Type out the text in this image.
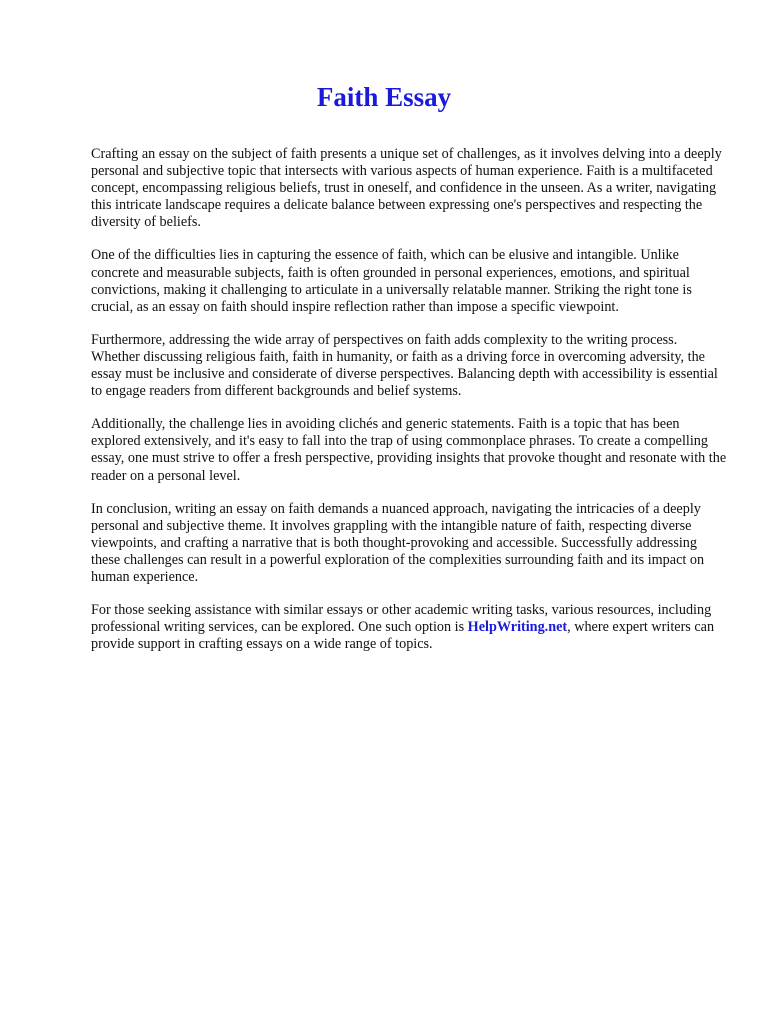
Faith Essay

Crafting an essay on the subject of faith presents a unique set of challenges, as it involves delving into a deeply personal and subjective topic that intersects with various aspects of human experience. Faith is a multifaceted concept, encompassing religious beliefs, trust in oneself, and confidence in the unseen. As a writer, navigating this intricate landscape requires a delicate balance between expressing one's perspectives and respecting the diversity of beliefs.

One of the difficulties lies in capturing the essence of faith, which can be elusive and intangible. Unlike concrete and measurable subjects, faith is often grounded in personal experiences, emotions, and spiritual convictions, making it challenging to articulate in a universally relatable manner. Striking the right tone is crucial, as an essay on faith should inspire reflection rather than impose a specific viewpoint.

Furthermore, addressing the wide array of perspectives on faith adds complexity to the writing process. Whether discussing religious faith, faith in humanity, or faith as a driving force in overcoming adversity, the essay must be inclusive and considerate of diverse perspectives. Balancing depth with accessibility is essential to engage readers from different backgrounds and belief systems.

Additionally, the challenge lies in avoiding clichés and generic statements. Faith is a topic that has been explored extensively, and it's easy to fall into the trap of using commonplace phrases. To create a compelling essay, one must strive to offer a fresh perspective, providing insights that provoke thought and resonate with the reader on a personal level.

In conclusion, writing an essay on faith demands a nuanced approach, navigating the intricacies of a deeply personal and subjective theme. It involves grappling with the intangible nature of faith, respecting diverse viewpoints, and crafting a narrative that is both thought-provoking and accessible. Successfully addressing these challenges can result in a powerful exploration of the complexities surrounding faith and its impact on human experience.

For those seeking assistance with similar essays or other academic writing tasks, various resources, including professional writing services, can be explored. One such option is HelpWriting.net, where expert writers can provide support in crafting essays on a wide range of topics.
